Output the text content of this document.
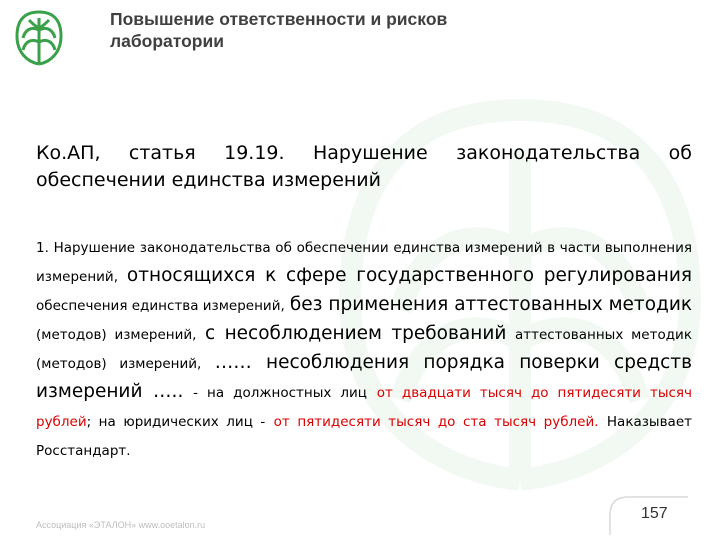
Повышение ответственности и рисков
лаборатории
Ко.АП, статья 19.19. Нарушение законодательства об
обеспечении единства измерений

1. Нарушение законодательства об обеспечении единства измерений в части выполнения измерений, относящихся к сфере государственного регулирования обеспечения единства измерений, без применения аттестованных методик (методов) измерений, с несоблюдением требований аттестованных методик (методов) измерений, …… несоблюдения порядка поверки средств измерений ….. - на должностных лиц от двадцати тысяч до пятидесяти тысяч рублей; на юридических лиц - от пятидесяти тысяч до ста тысяч рублей. Наказывает Росстандарт.

157
Ассоциация «ЭТАЛОН» www.ooetalon.ru
